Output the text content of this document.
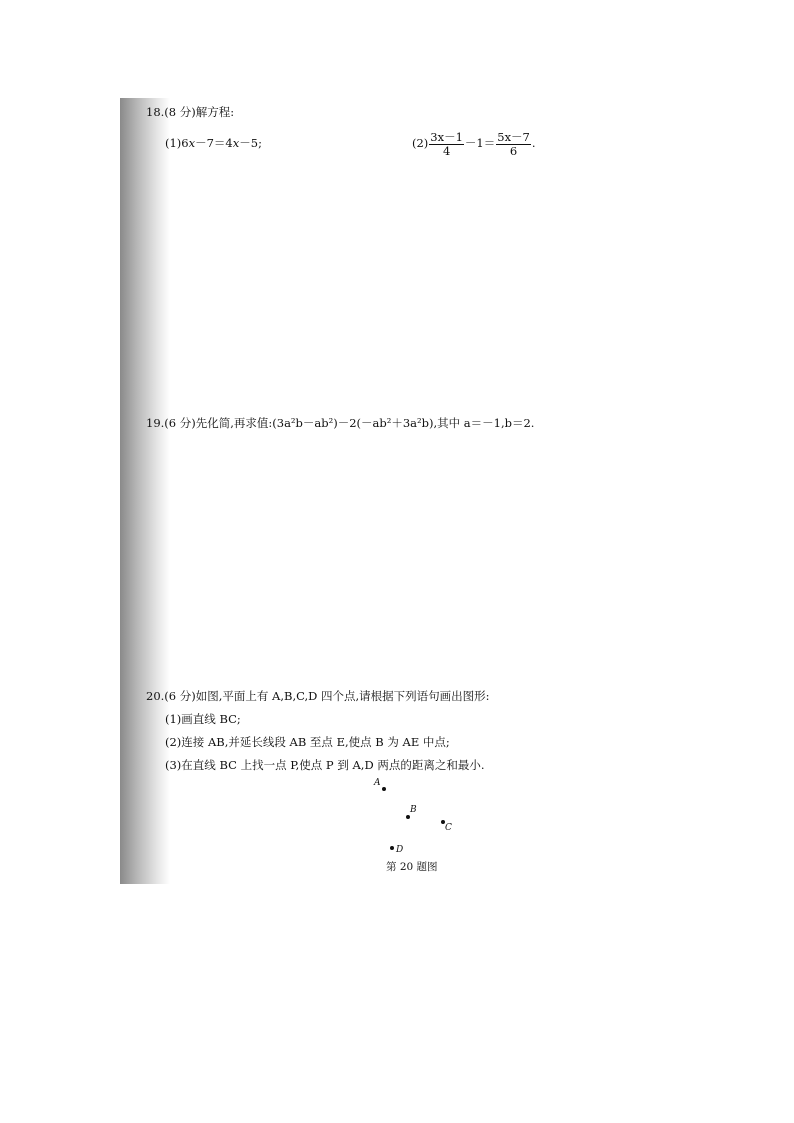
18.(8 分)解方程:
(1)6x－7＝4x－5;	$(2) \frac{3x-1}{4} -1= \frac{5x-7}{6}$ .
19.(6 分)先化简,再求值:(3a²b－ab²)－2(－ab²＋3a²b),其中 a＝－1,b＝2.
20.(6 分)如图,平面上有 A,B,C,D 四个点,请根据下列语句画出图形:
(1)画直线 BC;
(2)连接 AB,并延长线段 AB 至点 E,使点 B 为 AE 中点;
(3)在直线 BC 上找一点 P,使点 P 到 A,D 两点的距离之和最小.
A
B
C
D
第 20 题图
